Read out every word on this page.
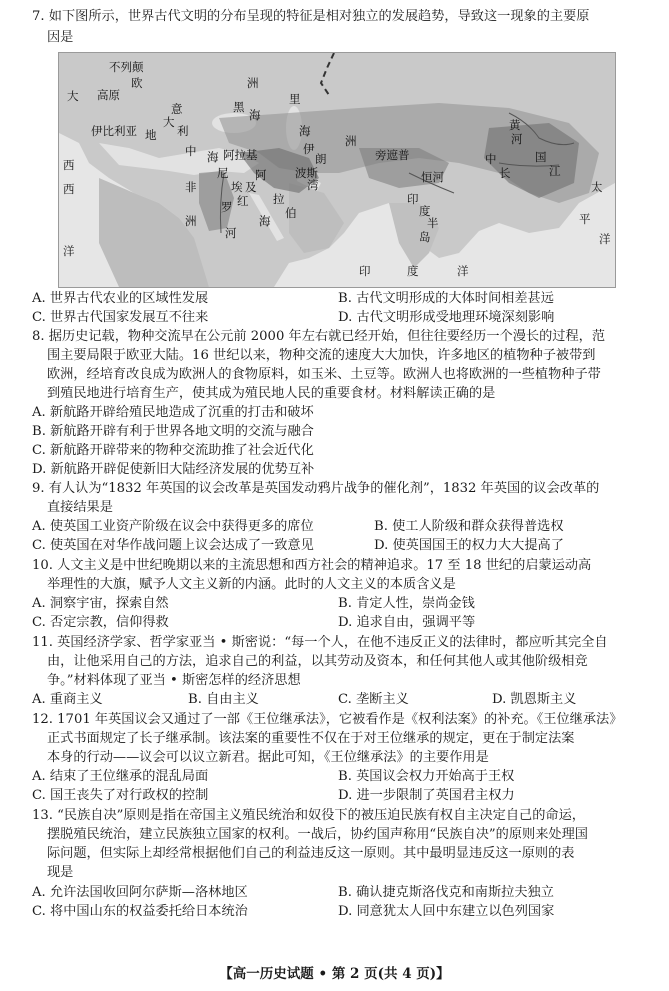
7. 如下图所示，世界古代文明的分布呈现的特征是相对独立的发展趋势，导致这一现象的主要原
因是
不列颠
欧
高原
大
洲
意
大
利
黑
海
伊比利亚 地
中 海 阿拉基
西
非
尼
罗
河
埃 及
洲
里
海
伊
朗
波斯
湾
阿
拉
伯
红
海
洲
旁遮普
恒河
印
度
半
岛
黄
河
中	国
长	江
太
平
洋
西
洋
印	度	洋
A. 世界古代农业的区域性发展	B. 古代文明形成的大体时间相差甚远
C. 世界古代国家发展互不往来	D. 古代文明形成受地理环境深刻影响
8. 据历史记载，物种交流早在公元前 2000 年左右就已经开始，但往往要经历一个漫长的过程，范
围主要局限于欧亚大陆。16 世纪以来，物种交流的速度大大加快，许多地区的植物种子被带到
欧洲，经培育改良成为欧洲人的食物原料，如玉米、土豆等。欧洲人也将欧洲的一些植物种子带
到殖民地进行培育生产，使其成为殖民地人民的重要食材。材料解读正确的是
A. 新航路开辟给殖民地造成了沉重的打击和破坏
B. 新航路开辟有利于世界各地文明的交流与融合
C. 新航路开辟带来的物种交流助推了社会近代化
D. 新航路开辟促使新旧大陆经济发展的优势互补
9. 有人认为“1832 年英国的议会改革是英国发动鸦片战争的催化剂”，1832 年英国的议会改革的
直接结果是
A. 使英国工业资产阶级在议会中获得更多的席位	B. 使工人阶级和群众获得普选权
C. 使英国在对华作战问题上议会达成了一致意见	D. 使英国国王的权力大大提高了
10. 人文主义是中世纪晚期以来的主流思想和西方社会的精神追求。17 至 18 世纪的启蒙运动高
举理性的大旗，赋予人文主义新的内涵。此时的人文主义的本质含义是
A. 洞察宇宙，探索自然	B. 肯定人性，崇尚金钱
C. 否定宗教，信仰得救	D. 追求自由，强调平等
11. 英国经济学家、哲学家亚当 • 斯密说：“每一个人，在他不违反正义的法律时，都应听其完全自
由，让他采用自己的方法，追求自己的利益，以其劳动及资本，和任何其他人或其他阶级相竞
争。”材料体现了亚当 • 斯密怎样的经济思想
A. 重商主义	B. 自由主义	C. 垄断主义	D. 凯恩斯主义
12. 1701 年英国议会又通过了一部《王位继承法》，它被看作是《权利法案》的补充。《王位继承法》
正式书面规定了长子继承制。该法案的重要性不仅在于对王位继承的规定，更在于制定法案
本身的行动——议会可以议立新君。据此可知，《王位继承法》的主要作用是
A. 结束了王位继承的混乱局面	B. 英国议会权力开始高于王权
C. 国王丧失了对行政权的控制	D. 进一步限制了英国君主权力
13. “民族自决”原则是指在帝国主义殖民统治和奴役下的被压迫民族有权自主决定自己的命运，
摆脱殖民统治，建立民族独立国家的权利。一战后，协约国声称用“民族自决”的原则来处理国
际问题，但实际上却经常根据他们自己的利益违反这一原则。其中最明显违反这一原则的表
现是
A. 允许法国收回阿尔萨斯—洛林地区	B. 确认捷克斯洛伐克和南斯拉夫独立
C. 将中国山东的权益委托给日本统治	D. 同意犹太人回中东建立以色列国家
【高一历史试题 • 第 2 页(共 4 页)】
